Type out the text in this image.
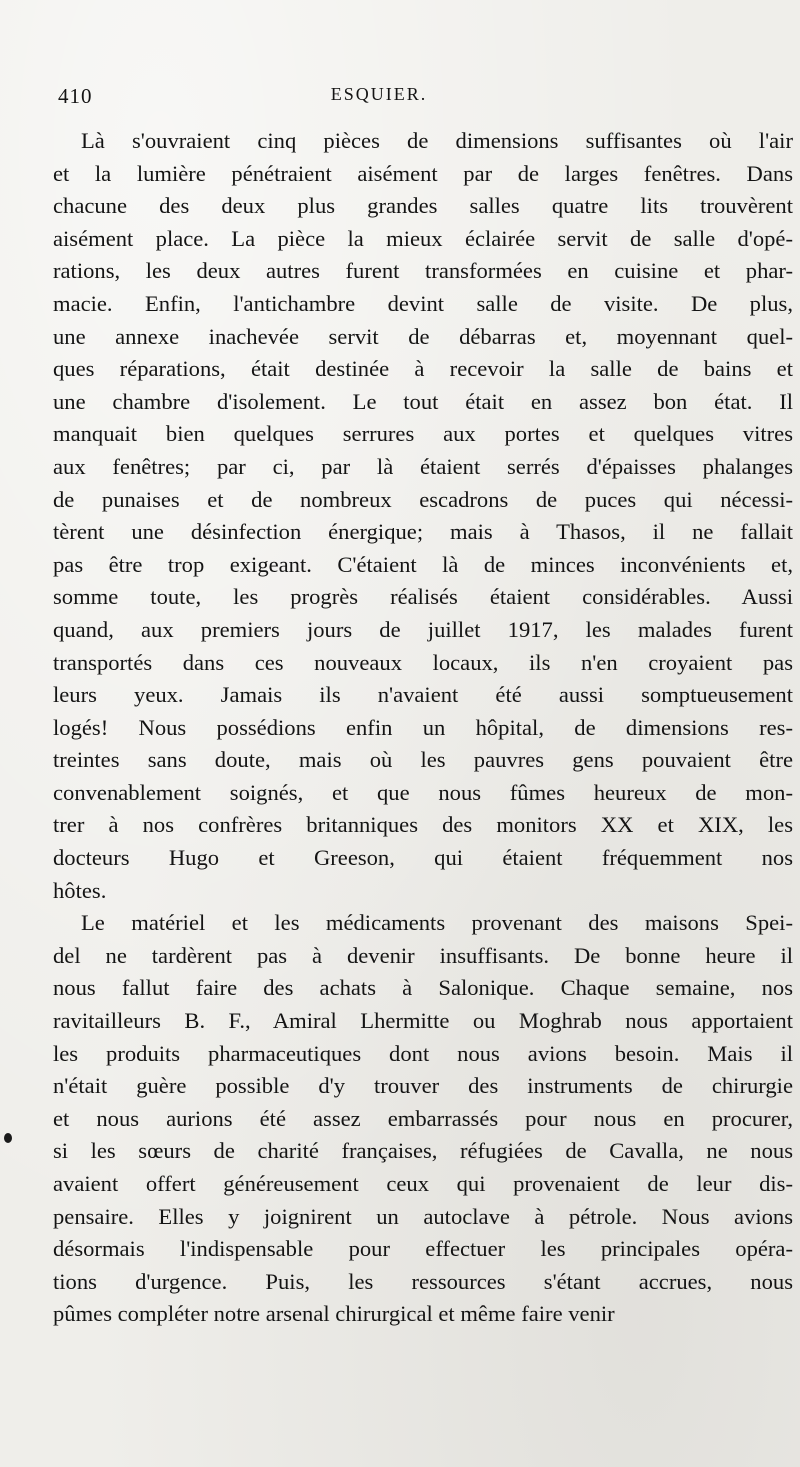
410	ESQUIER.
Là s'ouvraient cinq pièces de dimensions suffisantes où l'air
et la lumière pénétraient aisément par de larges fenêtres. Dans
chacune des deux plus grandes salles quatre lits trouvèrent
aisément place. La pièce la mieux éclairée servit de salle d'opé-
rations, les deux autres furent transformées en cuisine et phar-
macie. Enfin, l'antichambre devint salle de visite. De plus,
une annexe inachevée servit de débarras et, moyennant quel-
ques réparations, était destinée à recevoir la salle de bains et
une chambre d'isolement. Le tout était en assez bon état. Il
manquait bien quelques serrures aux portes et quelques vitres
aux fenêtres; par ci, par là étaient serrés d'épaisses phalanges
de punaises et de nombreux escadrons de puces qui nécessi-
tèrent une désinfection énergique; mais à Thasos, il ne fallait
pas être trop exigeant. C'étaient là de minces inconvénients et,
somme toute, les progrès réalisés étaient considérables. Aussi
quand, aux premiers jours de juillet 1917, les malades furent
transportés dans ces nouveaux locaux, ils n'en croyaient pas
leurs yeux. Jamais ils n'avaient été aussi somptueusement
logés! Nous possédions enfin un hôpital, de dimensions res-
treintes sans doute, mais où les pauvres gens pouvaient être
convenablement soignés, et que nous fûmes heureux de mon-
trer à nos confrères britanniques des monitors XX et XIX, les
docteurs Hugo et Greeson, qui étaient fréquemment nos
hôtes.
Le matériel et les médicaments provenant des maisons Spei-
del ne tardèrent pas à devenir insuffisants. De bonne heure il
nous fallut faire des achats à Salonique. Chaque semaine, nos
ravitailleurs B. F., Amiral Lhermitte ou Moghrab nous apportaient
les produits pharmaceutiques dont nous avions besoin. Mais il
n'était guère possible d'y trouver des instruments de chirurgie
et nous aurions été assez embarrassés pour nous en procurer,
si les sœurs de charité françaises, réfugiées de Cavalla, ne nous
avaient offert généreusement ceux qui provenaient de leur dis-
pensaire. Elles y joignirent un autoclave à pétrole. Nous avions
désormais l'indispensable pour effectuer les principales opéra-
tions d'urgence. Puis, les ressources s'étant accrues, nous
pûmes compléter notre arsenal chirurgical et même faire venir
